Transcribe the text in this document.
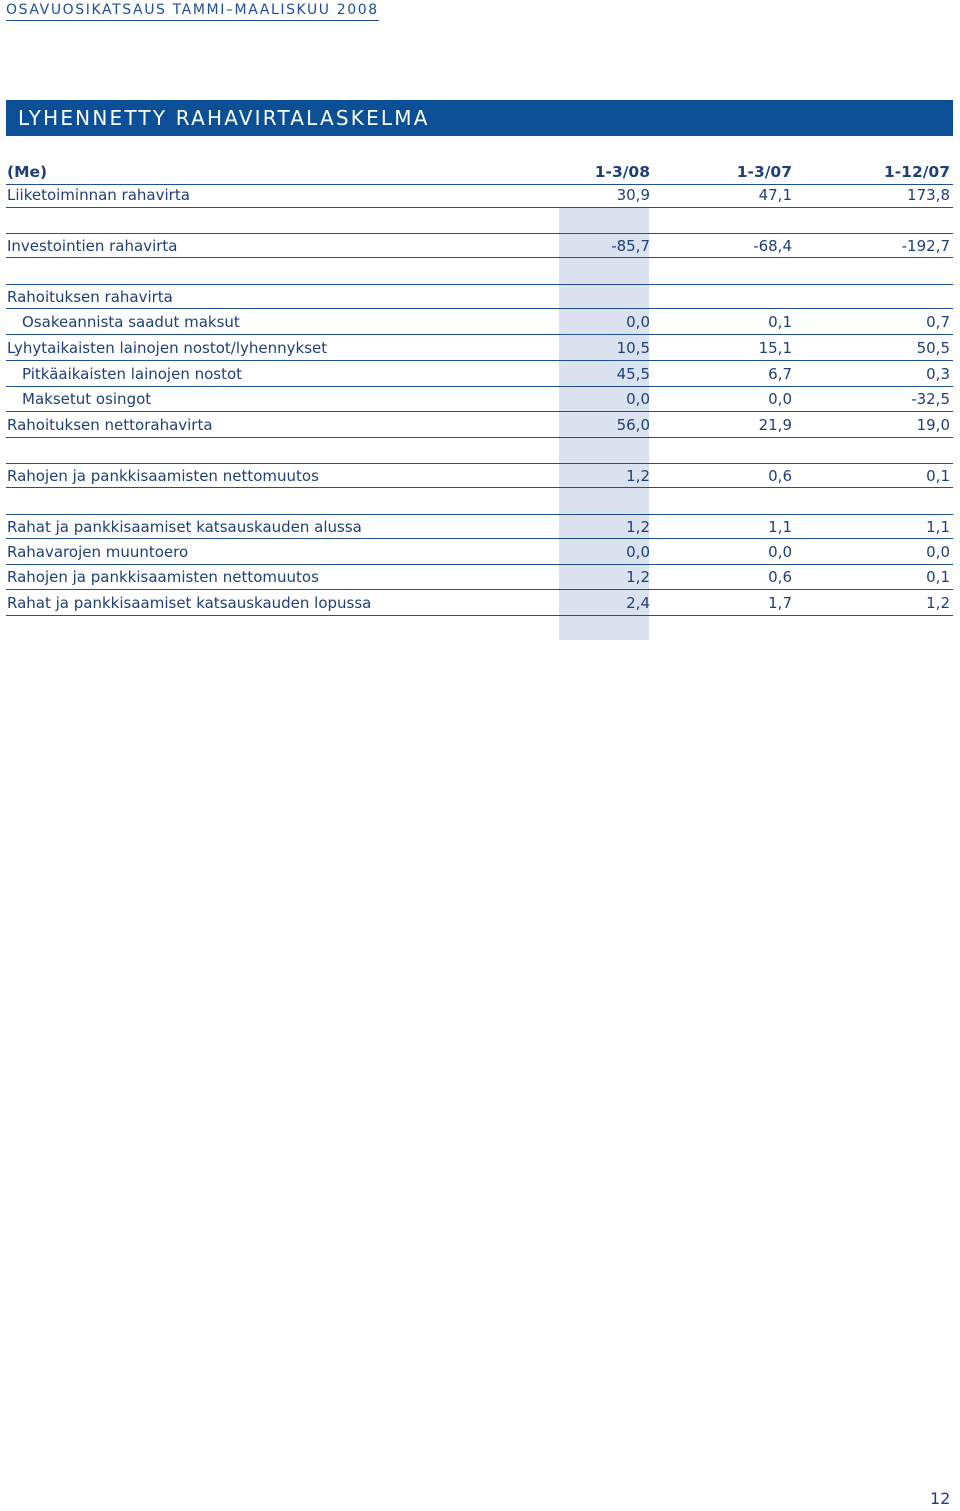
OSAVUOSIKATSAUS TAMMI–MAALISKUU 2008
LYHENNETTY RAHAVIRTALASKELMA
(Me)	1-3/08	1-3/07	1-12/07
Liiketoiminnan rahavirta	30,9	47,1	173,8
Investointien rahavirta	-85,7	-68,4	-192,7
Rahoituksen rahavirta
Osakeannista saadut maksut	0,0	0,1	0,7
Lyhytaikaisten lainojen nostot/lyhennykset	10,5	15,1	50,5
Pitkäaikaisten lainojen nostot	45,5	6,7	0,3
Maksetut osingot	0,0	0,0	-32,5
Rahoituksen nettorahavirta	56,0	21,9	19,0
Rahojen ja pankkisaamisten nettomuutos	1,2	0,6	0,1
Rahat ja pankkisaamiset katsauskauden alussa	1,2	1,1	1,1
Rahavarojen muuntoero	0,0	0,0	0,0
Rahojen ja pankkisaamisten nettomuutos	1,2	0,6	0,1
Rahat ja pankkisaamiset katsauskauden lopussa	2,4	1,7	1,2
12
